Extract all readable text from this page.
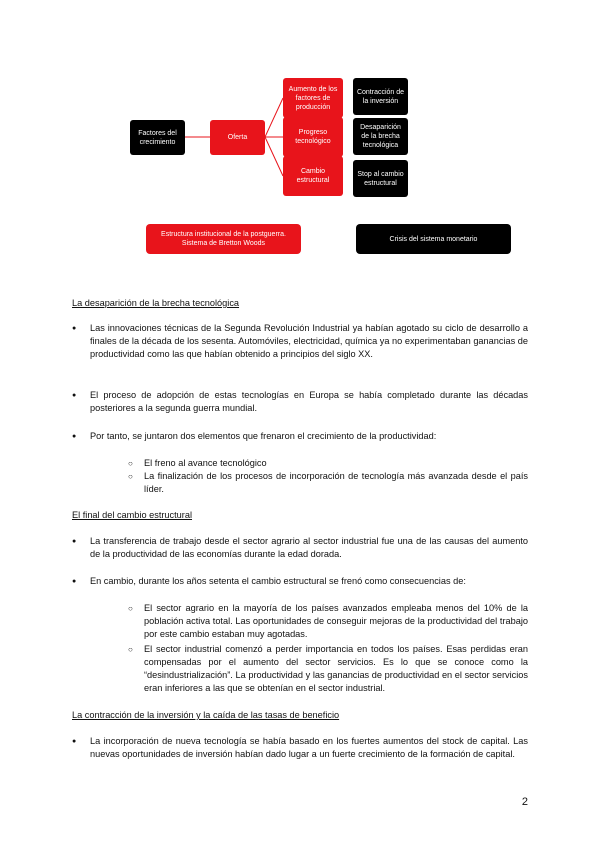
Factores del crecimiento
Oferta
Aumento de los factores de producción
Progreso tecnológico
Cambio estructural
Contracción de la inversión
Desaparición de la brecha tecnológica
Stop al cambio estructural
Estructura institucional de la postguerra. Sistema de Bretton Woods
Crisis del sistema monetario

La desaparición de la brecha tecnológica

● Las innovaciones técnicas de la Segunda Revolución Industrial ya habían agotado su ciclo de desarrollo a finales de la década de los sesenta. Automóviles, electricidad, química ya no experimentaban ganancias de productividad como las que habían obtenido a principios del siglo XX.
● El proceso de adopción de estas tecnologías en Europa se había completado durante las décadas posteriores a la segunda guerra mundial.
● Por tanto, se juntaron dos elementos que frenaron el crecimiento de la productividad:
○ El freno al avance tecnológico
○ La finalización de los procesos de incorporación de tecnología más avanzada desde el país líder.

El final del cambio estructural

● La transferencia de trabajo desde el sector agrario al sector industrial fue una de las causas del aumento de la productividad de las economías durante la edad dorada.
● En cambio, durante los años setenta el cambio estructural se frenó como consecuencias de:
○ El sector agrario en la mayoría de los países avanzados empleaba menos del 10% de la población activa total. Las oportunidades de conseguir mejoras de la productividad del trabajo por este cambio estaban muy agotadas.
○ El sector industrial comenzó a perder importancia en todos los países. Esas perdidas eran compensadas por el aumento del sector servicios. Es lo que se conoce como la “desindustrialización”. La productividad y las ganancias de productividad en el sector servicios eran inferiores a las que se obtenían en el sector industrial.

La contracción de la inversión y la caída de las tasas de beneficio

● La incorporación de nueva tecnología se había basado en los fuertes aumentos del stock de capital. Las nuevas oportunidades de inversión habían dado lugar a un fuerte crecimiento de la formación de capital.
2
